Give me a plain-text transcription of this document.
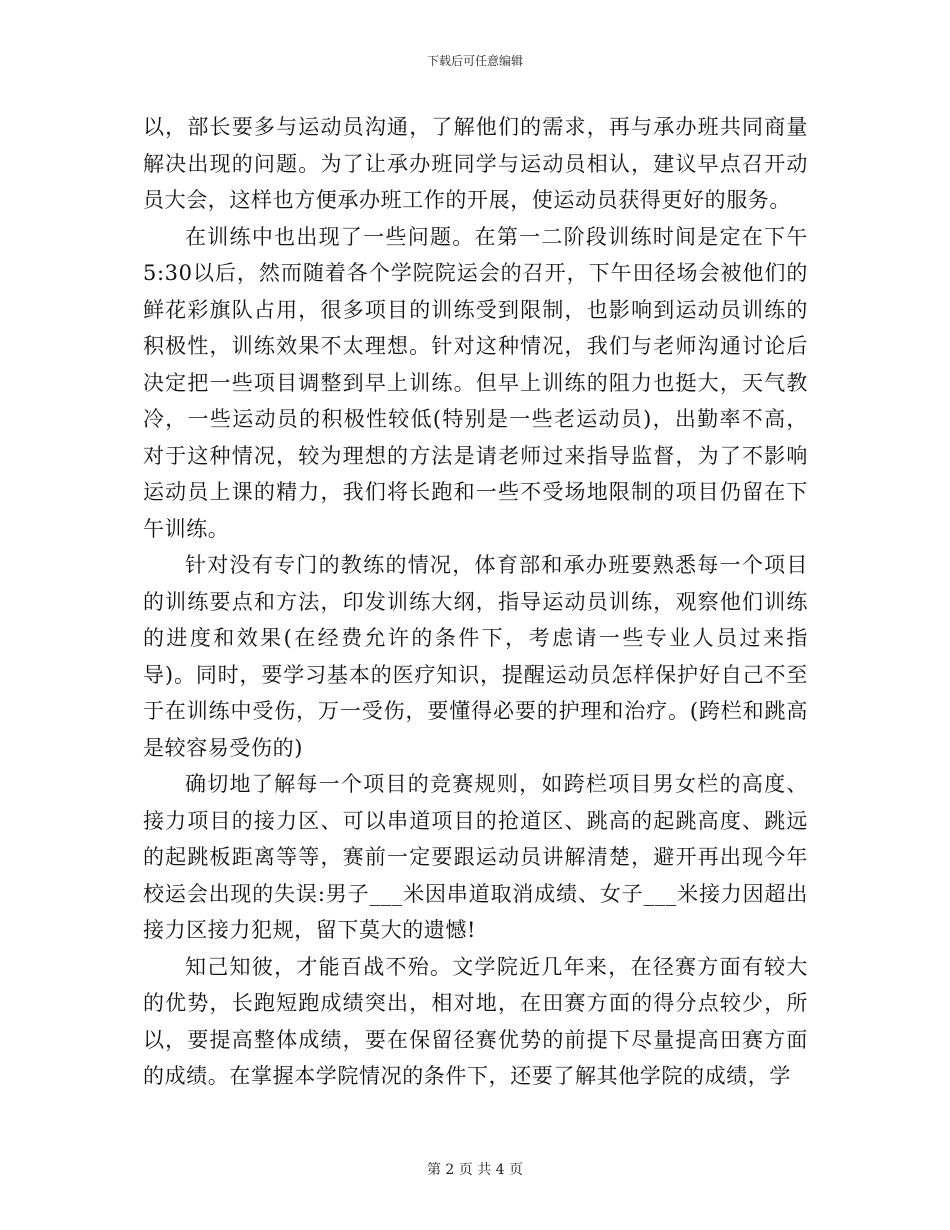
下载后可任意编辑

以，部长要多与运动员沟通，了解他们的需求，再与承办班共同商量解决出现的问题。为了让承办班同学与运动员相认，建议早点召开动员大会，这样也方便承办班工作的开展，使运动员获得更好的服务。

在训练中也出现了一些问题。在第一二阶段训练时间是定在下午5:30以后，然而随着各个学院院运会的召开，下午田径场会被他们的鲜花彩旗队占用，很多项目的训练受到限制，也影响到运动员训练的积极性，训练效果不太理想。针对这种情况，我们与老师沟通讨论后决定把一些项目调整到早上训练。但早上训练的阻力也挺大，天气教冷，一些运动员的积极性较低(特别是一些老运动员)，出勤率不高，对于这种情况，较为理想的方法是请老师过来指导监督，为了不影响运动员上课的精力，我们将长跑和一些不受场地限制的项目仍留在下午训练。

针对没有专门的教练的情况，体育部和承办班要熟悉每一个项目的训练要点和方法，印发训练大纲，指导运动员训练，观察他们训练的进度和效果(在经费允许的条件下，考虑请一些专业人员过来指导)。同时，要学习基本的医疗知识，提醒运动员怎样保护好自己不至于在训练中受伤，万一受伤，要懂得必要的护理和治疗。(跨栏和跳高是较容易受伤的)

确切地了解每一个项目的竞赛规则，如跨栏项目男女栏的高度、接力项目的接力区、可以串道项目的抢道区、跳高的起跳高度、跳远的起跳板距离等等，赛前一定要跟运动员讲解清楚，避开再出现今年校运会出现的失误:男子___米因串道取消成绩、女子___米接力因超出接力区接力犯规，留下莫大的遗憾!

知己知彼，才能百战不殆。文学院近几年来，在径赛方面有较大的优势，长跑短跑成绩突出，相对地，在田赛方面的得分点较少，所以，要提高整体成绩，要在保留径赛优势的前提下尽量提高田赛方面的成绩。在掌握本学院情况的条件下，还要了解其他学院的成绩，学

第 2 页 共 4 页
